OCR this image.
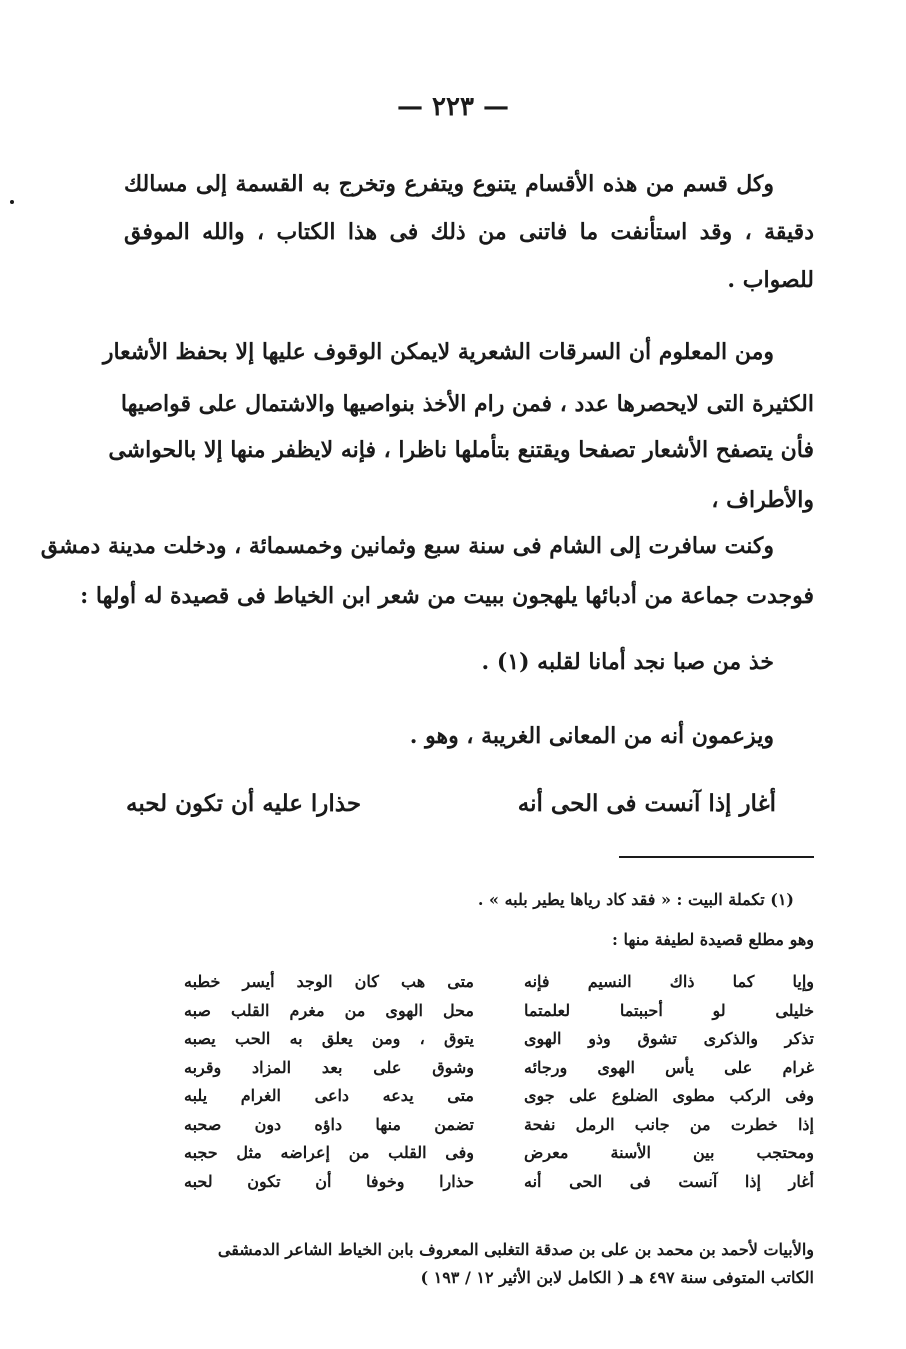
— ٢٢٣ —
وكل قسم من هذه الأقسام يتنوع ويتفرع وتخرج به القسمة إلى مسالك
دقيقة ، وقد استأنفت ما فاتنى من ذلك فى هذا الكتاب ، والله الموفق
للصواب .
ومن المعلوم أن السرقات الشعرية لايمكن الوقوف عليها إلا بحفظ الأشعار
الكثيرة التى لايحصرها عدد ، فمن رام الأخذ بنواصيها والاشتمال على قواصيها
فأن يتصفح الأشعار تصفحا ويقتنع بتأملها ناظرا ، فإنه لايظفر منها إلا بالحواشى
والأطراف ،
وكنت سافرت إلى الشام فى سنة سبع وثمانين وخمسمائة ، ودخلت مدينة دمشق
فوجدت جماعة من أدبائها يلهجون ببيت من شعر ابن الخياط فى قصيدة له أولها :
خذ من صبا نجد أمانا لقلبه (١) .
ويزعمون أنه من المعانى الغريبة ، وهو .
أغار إذا آنست فى الحى أنه
حذارا عليه أن تكون لحبه
(١) تكملة البيت : « فقد كاد رياها يطير بلبه » .
وهو مطلع قصيدة لطيفة منها :
وإيا كما ذاك النسيم فإنه
متى هب كان الوجد أيسر خطبه
خليلى لو أحببتما لعلمتما
محل الهوى من مغرم القلب صبه
تذكر والذكرى تشوق وذو الهوى
يتوق ، ومن يعلق به الحب يصبه
غرام على يأس الهوى ورجائه
وشوق على بعد المزاد وقربه
وفى الركب مطوى الضلوع على جوى
متى يدعه داعى الغرام يلبه
إذا خطرت من جانب الرمل نفحة
تضمن منها داؤه دون صحبه
ومحتجب بين الأسنة معرض
وفى القلب من إعراضه مثل حجبه
أغار إذا آنست فى الحى أنه
حذارا وخوفا أن تكون لحبه
والأبيات لأحمد بن محمد بن على بن صدقة التغلبى المعروف بابن الخياط الشاعر الدمشقى
الكاتب المتوفى سنة ٤٩٧ هـ ( الكامل لابن الأثير ١٢ / ١٩٣ )
